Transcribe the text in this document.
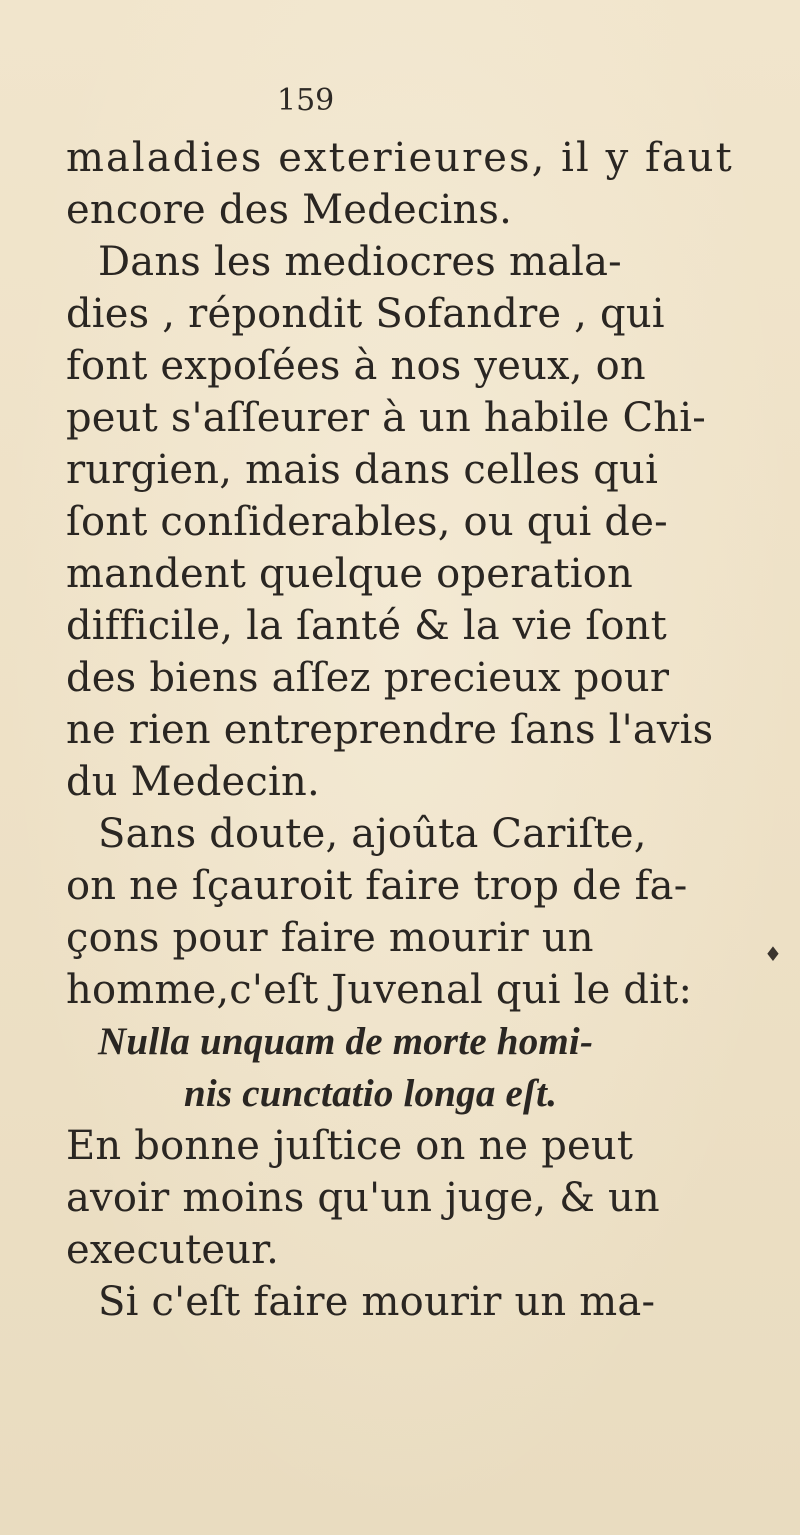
159
maladies exterieures, il y faut
encore des Medecins.
Dans les mediocres mala-
dies , répondit Sofandre , qui
font expoſées à nos yeux, on
peut s'aſſeurer à un habile Chi-
rurgien, mais dans celles qui
ſont conſiderables, ou qui de-
mandent quelque operation
difficile, la ſanté & la vie ſont
des biens aſſez precieux pour
ne rien entreprendre ſans l'avis
du Medecin.
Sans doute, ajoûta Cariſte,
on ne ſçauroit faire trop de fa-
çons pour faire mourir un
homme,c'eſt Juvenal qui le dit:
Nulla unquam de morte homi-
nis cunctatio longa eſt.
En bonne juſtice on ne peut
avoir moins qu'un juge, & un
executeur.
Si c'eſt faire mourir un ma-
♦
